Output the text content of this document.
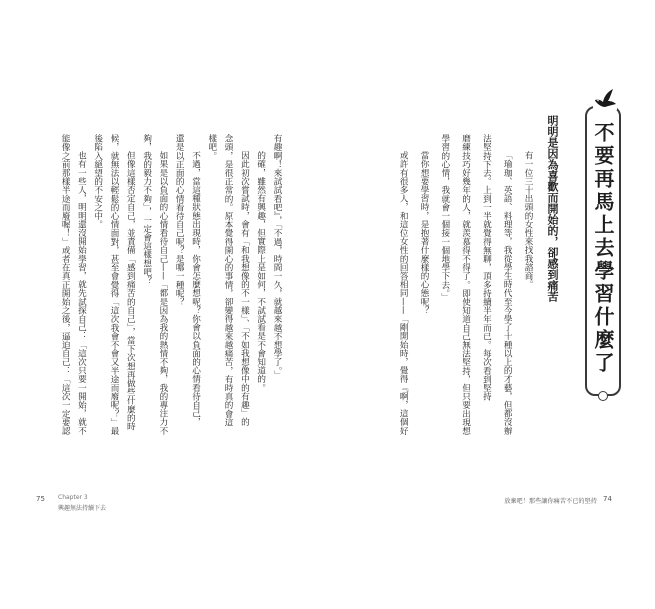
有趣啊！來試試看吧』，「不過，時間一久，就越來越不想學了。」
的確，雖然有興趣，但實際上是如何，不試試看是不會知道的。
因此初次嘗試時，會有「和我想像的不一樣」、「不如我想像中的有趣」的
念頭，是很正常的。原本覺得開心的事情，卻變得越來越痛苦，有時真的會這
樣吧。
不過，當這種狀態出現時，你會怎麼想呢？你會以負面的心情看待自己，
還是以正面的心情看待自己呢？是哪一種呢？
如果是以負面的心情看待自己——「都是因為我的熱情不夠，我的專注力不
夠，我的毅力不夠」，一定會這樣想吧？
但像這樣否定自己，並責備「感到痛苦的自己」，當下次想再做些什麼的時
候，就無法以輕鬆的心情面對，甚至會覺得「這次我會不會又半途而廢呢？」最
後陷入絕望的不安之中。
也有一些人，明明還沒開始學習，就先試探自己：「這次只要一開始，就不
能像之前那樣半途而廢喔！」或者在真正開始之後，逼迫自己：「這次一定要認
75 Chapter 3
興趣無法持續下去
不要再馬上去學習什麼了
明明是因為喜歡而開始的，卻感到痛苦
有一位三十出頭的女性來找我諮商。
「瑜珈、英語、料理等，我從學生時代至今學了十種以上的才藝，但都沒辦
法堅持下去。上到一半就覺得無聊，頂多持續半年而已。每次看到堅持
磨練技巧好幾年的人，就羨慕得不得了。即使知道自己無法堅持，但只要出現想
學習的心情，我就會一個接一個地學下去。」
當你想要學習時，是抱著什麼樣的心態呢？
或許有很多人，和這位女性的回答相同——「剛開始時，覺得『啊，這個好
放棄吧！那些讓你痛苦不已的堅持 74
